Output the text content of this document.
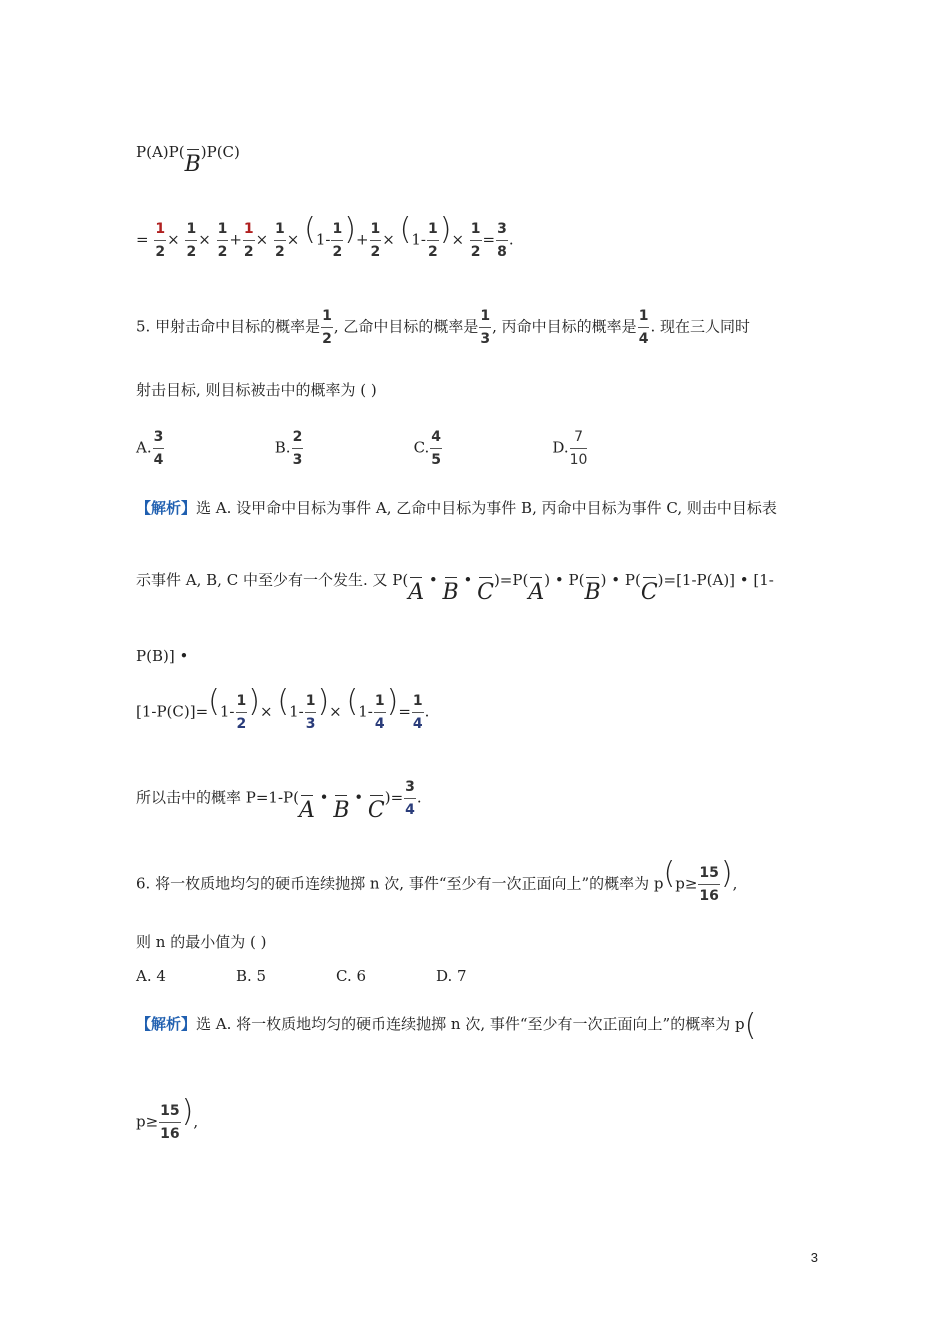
P(A)P( B )P(C)
= $\frac{1}{2} \times \frac{1}{2} \times \frac{1}{2} + \frac{1}{2} \times \frac{1}{2} \times (1- \frac{1}{2}$ )+ $\frac{1}{2} \times (1- \frac{1}{2}$ )× $\frac{1}{2} = \frac{3}{8}$ .
5. 甲射击命中目标的概率是 $\frac{1}{2}$ , 乙命中目标的概率是 $\frac{1}{3}$ , 丙命中目标的概率是 $\frac{1}{4}$ . 现在三人同时
射击目标, 则目标被击中的概率为 ( )
A. $\frac{3}{4}$	B. $\frac{2}{3}$	C. $\frac{4}{5}$	D. $\frac{7}{10}$
【解析】选 A. 设甲命中目标为事件 A, 乙命中目标为事件 B, 丙命中目标为事件 C, 则击中目标表
示事件 A, B, C 中至少有一个发生. 又 P( A • B • C )=P( A ) • P( B ) • P( C )=[1-P(A)] • [1-
P(B)] •
$[1-P(C)]=(1- \frac{1}{2}$ )× ($1- \frac{1}{3}$ )× ($1- \frac{1}{4}$ )= $\frac{1}{4}$ .
所以击中的概率 P=1-P( A • B • C )= $\frac{3}{4}$ .
6. 将一枚质地均匀的硬币连续抛掷 n 次, 事件“至少有一次正面向上”的概率为 $p(p\ge \frac{15}{16}$ ),
则 n 的最小值为 ( )
A. 4	B. 5	C. 6	D. 7
【解析】选 A. 将一枚质地均匀的硬币连续抛掷 n 次, 事件“至少有一次正面向上”的概率为 p(
$p\ge \frac{15}{16}$ ),
3
